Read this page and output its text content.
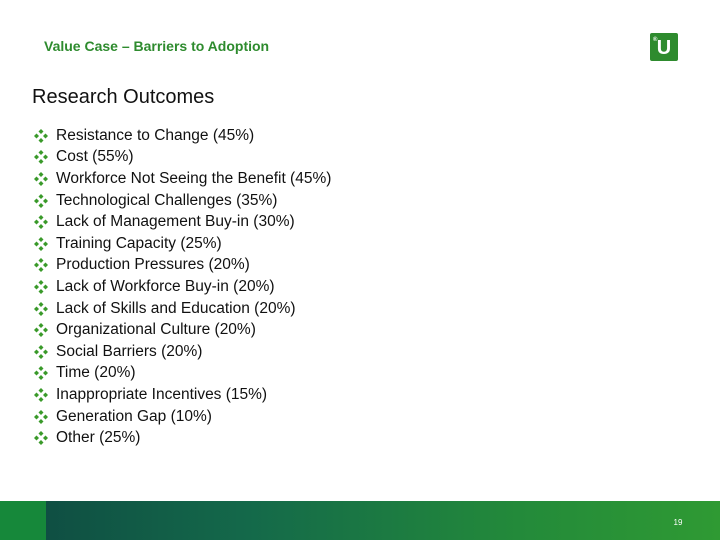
Value Case – Barriers to Adoption	® U
Research Outcomes
Resistance to Change (45%)
Cost (55%)
Workforce Not Seeing the Benefit (45%)
Technological Challenges (35%)
Lack of Management Buy-in (30%)
Training Capacity (25%)
Production Pressures (20%)
Lack of Workforce Buy-in (20%)
Lack of Skills and Education (20%)
Organizational Culture (20%)
Social Barriers (20%)
Time (20%)
Inappropriate Incentives (15%)
Generation Gap (10%)
Other (25%)
19
